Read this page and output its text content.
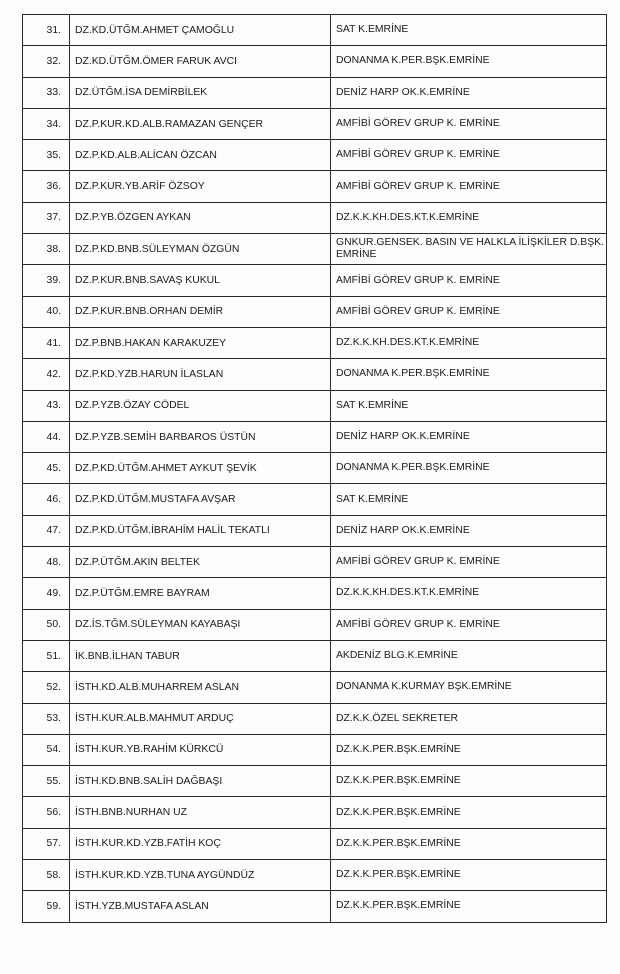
31.	DZ.KD.ÜTĞM.AHMET ÇAMOĞLU	SAT K.EMRİNE
32.	DZ.KD.ÜTĞM.ÖMER FARUK AVCI	DONANMA K.PER.BŞK.EMRİNE
33.	DZ.ÜTĞM.İSA DEMİRBİLEK	DENİZ HARP OK.K.EMRİNE
34.	DZ.P.KUR.KD.ALB.RAMAZAN GENÇER	AMFİBİ GÖREV GRUP K. EMRİNE
35.	DZ.P.KD.ALB.ALİCAN ÖZCAN	AMFİBİ GÖREV GRUP K. EMRİNE
36.	DZ.P.KUR.YB.ARİF ÖZSOY	AMFİBİ GÖREV GRUP K. EMRİNE
37.	DZ.P.YB.ÖZGEN AYKAN	DZ.K.K.KH.DES.KT.K.EMRİNE
38.	DZ.P.KD.BNB.SÜLEYMAN ÖZGÜN	GNKUR.GENSEK. BASIN VE HALKLA İLİŞKİLER D.BŞK. EMRİNE
39.	DZ.P.KUR.BNB.SAVAŞ KUKUL	AMFİBİ GÖREV GRUP K. EMRİNE
40.	DZ.P.KUR.BNB.ORHAN DEMİR	AMFİBİ GÖREV GRUP K. EMRİNE
41.	DZ.P.BNB.HAKAN KARAKUZEY	DZ.K.K.KH.DES.KT.K.EMRİNE
42.	DZ.P.KD.YZB.HARUN İLASLAN	DONANMA K.PER.BŞK.EMRİNE
43.	DZ.P.YZB.ÖZAY CÖDEL	SAT K.EMRİNE
44.	DZ.P.YZB.SEMİH BARBAROS ÜSTÜN	DENİZ HARP OK.K.EMRİNE
45.	DZ.P.KD.ÜTĞM.AHMET AYKUT ŞEVİK	DONANMA K.PER.BŞK.EMRİNE
46.	DZ.P.KD.ÜTĞM.MUSTAFA AVŞAR	SAT K.EMRİNE
47.	DZ.P.KD.ÜTĞM.İBRAHİM HALİL TEKATLI	DENİZ HARP OK.K.EMRİNE
48.	DZ.P.ÜTĞM.AKIN BELTEK	AMFİBİ GÖREV GRUP K. EMRİNE
49.	DZ.P.ÜTĞM.EMRE BAYRAM	DZ.K.K.KH.DES.KT.K.EMRİNE
50.	DZ.İS.TĞM.SÜLEYMAN KAYABAŞI	AMFİBİ GÖREV GRUP K. EMRİNE
51.	İK.BNB.İLHAN TABUR	AKDENİZ BLG.K.EMRİNE
52.	İSTH.KD.ALB.MUHARREM ASLAN	DONANMA K.KURMAY BŞK.EMRİNE
53.	İSTH.KUR.ALB.MAHMUT ARDUÇ	DZ.K.K.ÖZEL SEKRETER
54.	İSTH.KUR.YB.RAHİM KÜRKCÜ	DZ.K.K.PER.BŞK.EMRİNE
55.	İSTH.KD.BNB.SALİH DAĞBAŞI	DZ.K.K.PER.BŞK.EMRİNE
56.	İSTH.BNB.NURHAN UZ	DZ.K.K.PER.BŞK.EMRİNE
57.	İSTH.KUR.KD.YZB.FATİH KOÇ	DZ.K.K.PER.BŞK.EMRİNE
58.	İSTH.KUR.KD.YZB.TUNA AYGÜNDÜZ	DZ.K.K.PER.BŞK.EMRİNE
59.	İSTH.YZB.MUSTAFA ASLAN	DZ.K.K.PER.BŞK.EMRİNE
